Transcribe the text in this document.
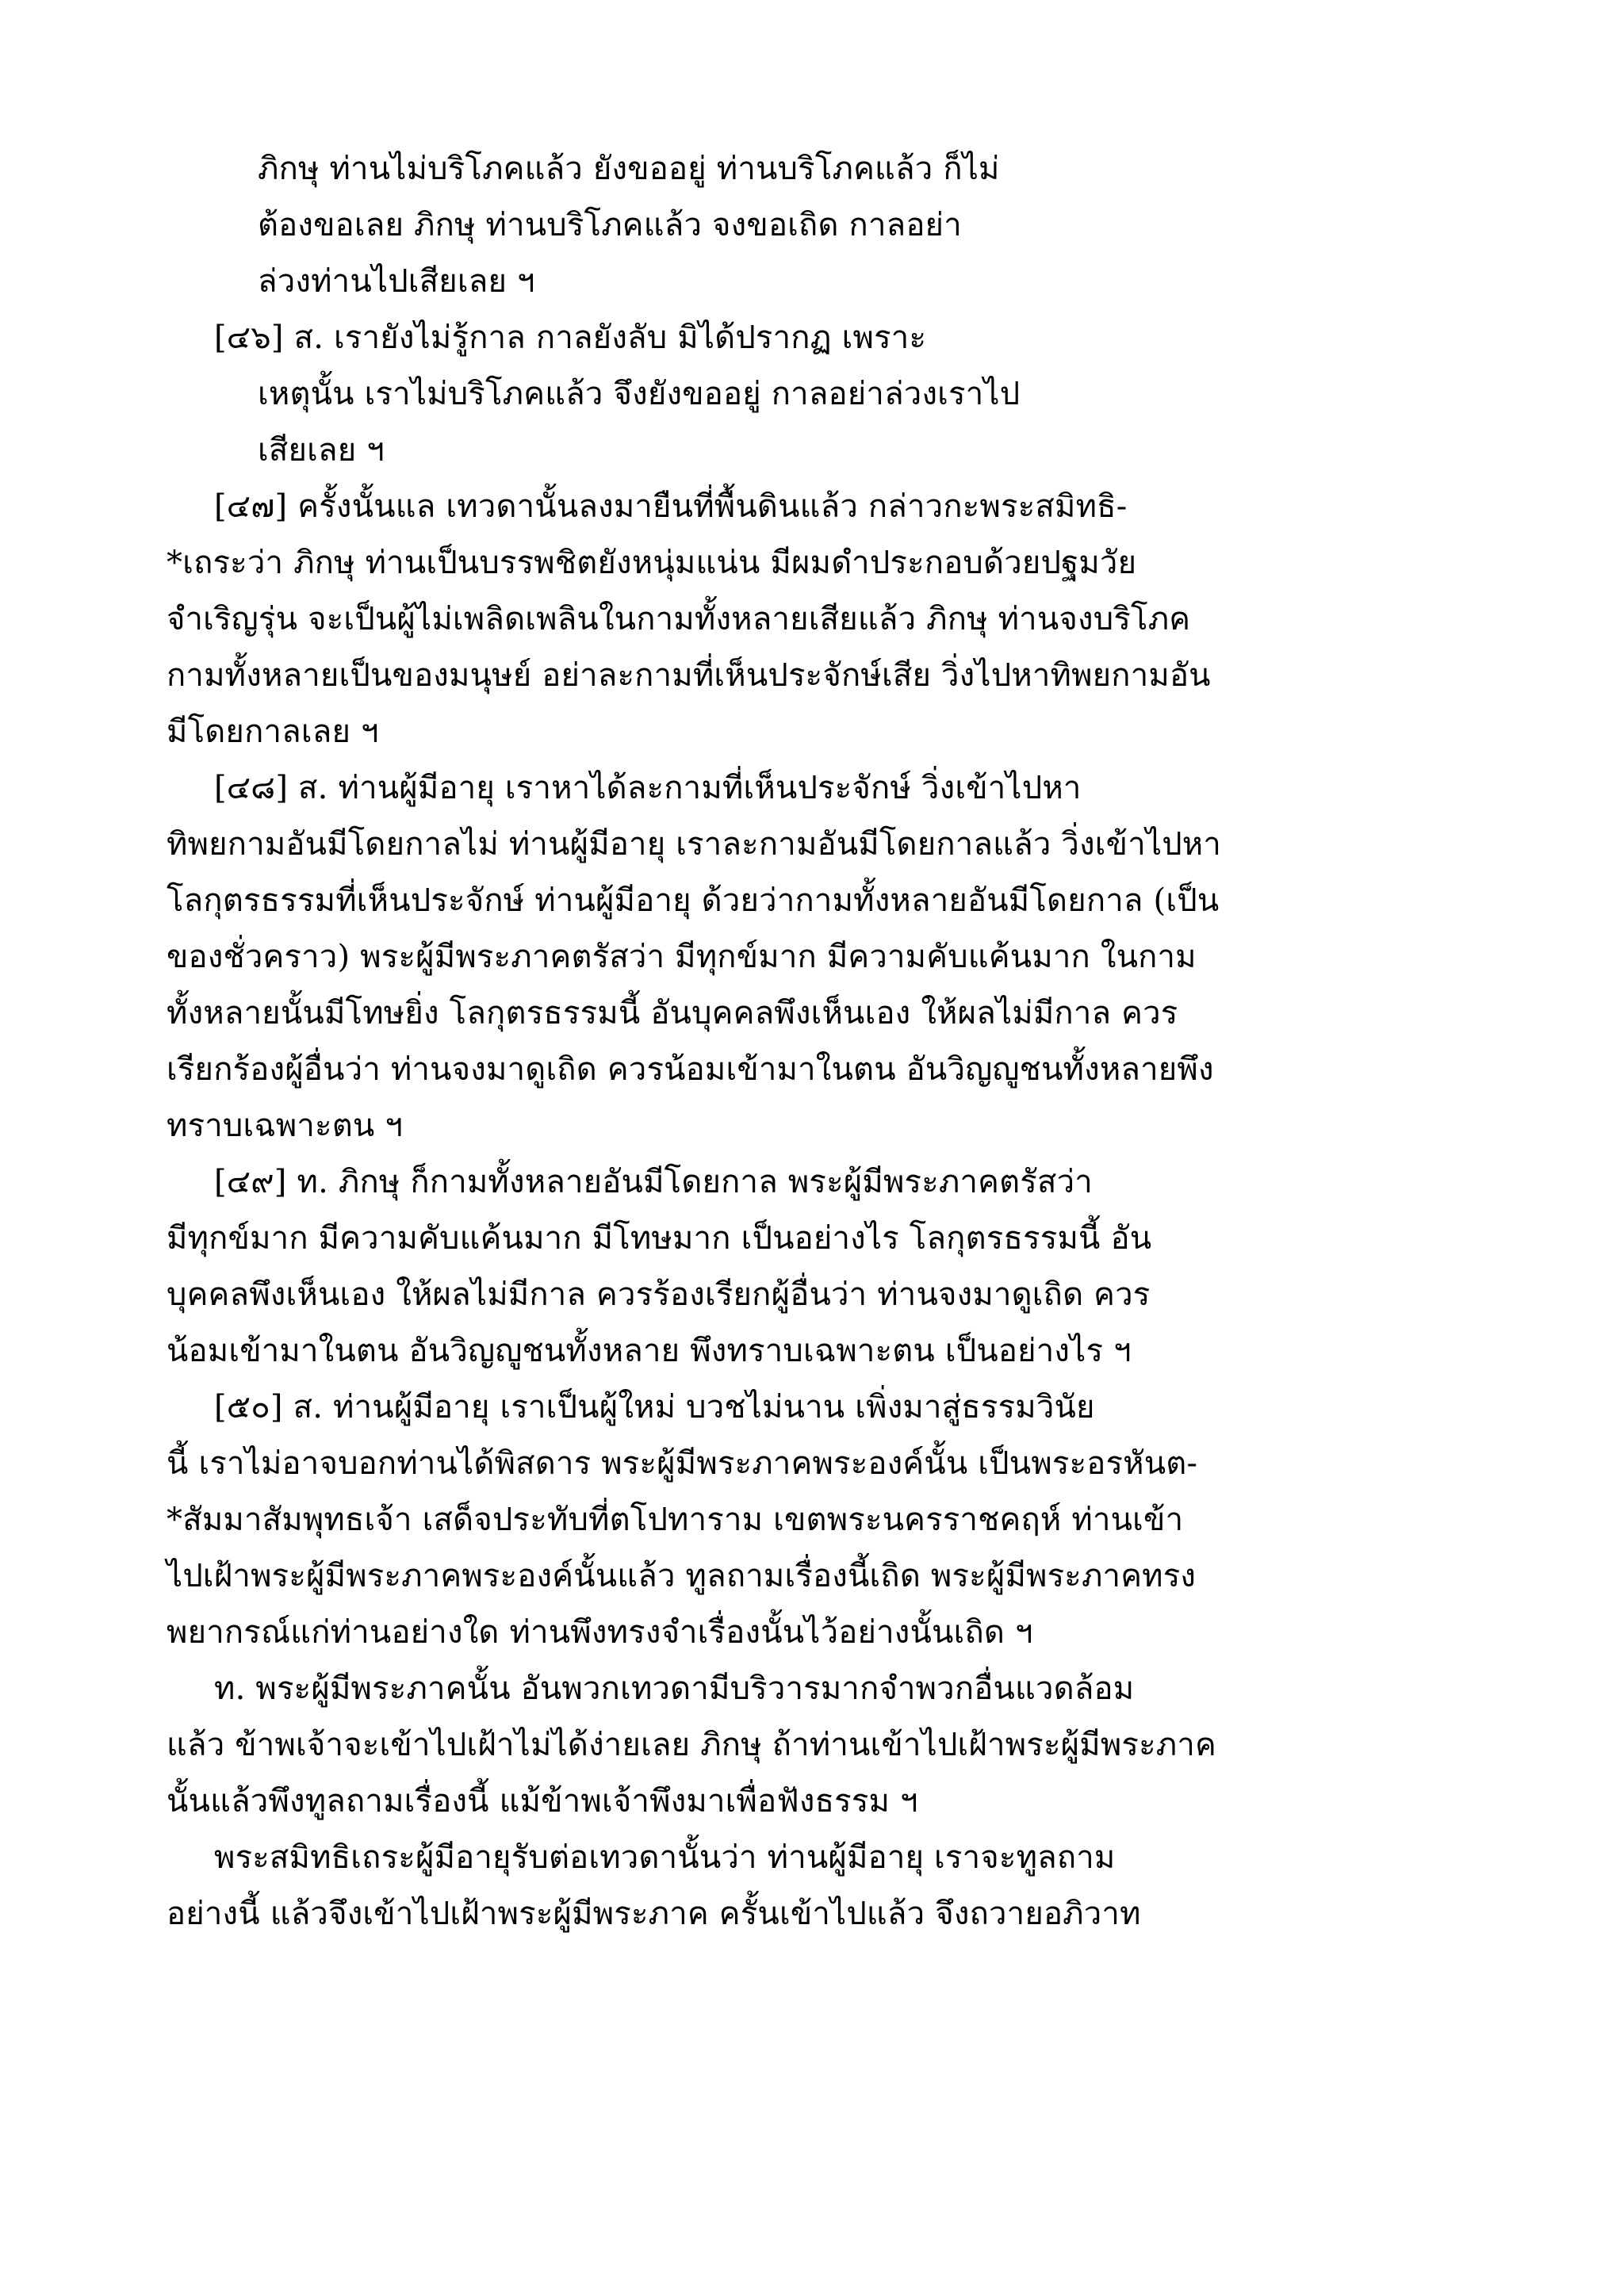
ภิกษุ ท่านไม่บริโภคแล้ว ยังขออยู่ ท่านบริโภคแล้ว ก็ไม่
ต้องขอเลย ภิกษุ ท่านบริโภคแล้ว จงขอเถิด กาลอย่า
ล่วงท่านไปเสียเลย ฯ
[๔๖] ส. เรายังไม่รู้กาล กาลยังลับ มิได้ปรากฏ เพราะ
เหตุนั้น เราไม่บริโภคแล้ว จึงยังขออยู่ กาลอย่าล่วงเราไป
เสียเลย ฯ
[๔๗] ครั้งนั้นแล เทวดานั้นลงมายืนที่พื้นดินแล้ว กล่าวกะพระสมิทธิ-
*เถระว่า ภิกษุ ท่านเป็นบรรพชิตยังหนุ่มแน่น มีผมดำประกอบด้วยปฐมวัย
จำเริญรุ่น จะเป็นผู้ไม่เพลิดเพลินในกามทั้งหลายเสียแล้ว ภิกษุ ท่านจงบริโภค
กามทั้งหลายเป็นของมนุษย์ อย่าละกามที่เห็นประจักษ์เสีย วิ่งไปหาทิพยกามอัน
มีโดยกาลเลย ฯ
[๔๘] ส. ท่านผู้มีอายุ เราหาได้ละกามที่เห็นประจักษ์ วิ่งเข้าไปหา
ทิพยกามอันมีโดยกาลไม่ ท่านผู้มีอายุ เราละกามอันมีโดยกาลแล้ว วิ่งเข้าไปหา
โลกุตรธรรมที่เห็นประจักษ์ ท่านผู้มีอายุ ด้วยว่ากามทั้งหลายอันมีโดยกาล (เป็น
ของชั่วคราว) พระผู้มีพระภาคตรัสว่า มีทุกข์มาก มีความคับแค้นมาก ในกาม
ทั้งหลายนั้นมีโทษยิ่ง โลกุตรธรรมนี้ อันบุคคลพึงเห็นเอง ให้ผลไม่มีกาล ควร
เรียกร้องผู้อื่นว่า ท่านจงมาดูเถิด ควรน้อมเข้ามาในตน อันวิญญูชนทั้งหลายพึง
ทราบเฉพาะตน ฯ
[๔๙] ท. ภิกษุ ก็กามทั้งหลายอันมีโดยกาล พระผู้มีพระภาคตรัสว่า
มีทุกข์มาก มีความคับแค้นมาก มีโทษมาก เป็นอย่างไร โลกุตรธรรมนี้ อัน
บุคคลพึงเห็นเอง ให้ผลไม่มีกาล ควรร้องเรียกผู้อื่นว่า ท่านจงมาดูเถิด ควร
น้อมเข้ามาในตน อันวิญญูชนทั้งหลาย พึงทราบเฉพาะตน เป็นอย่างไร ฯ
[๕๐] ส. ท่านผู้มีอายุ เราเป็นผู้ใหม่ บวชไม่นาน เพิ่งมาสู่ธรรมวินัย
นี้ เราไม่อาจบอกท่านได้พิสดาร พระผู้มีพระภาคพระองค์นั้น เป็นพระอรหันต-
*สัมมาสัมพุทธเจ้า เสด็จประทับที่ตโปทาราม เขตพระนครราชคฤห์ ท่านเข้า
ไปเฝ้าพระผู้มีพระภาคพระองค์นั้นแล้ว ทูลถามเรื่องนี้เถิด พระผู้มีพระภาคทรง
พยากรณ์แก่ท่านอย่างใด ท่านพึงทรงจำเรื่องนั้นไว้อย่างนั้นเถิด ฯ
ท. พระผู้มีพระภาคนั้น อันพวกเทวดามีบริวารมากจำพวกอื่นแวดล้อม
แล้ว ข้าพเจ้าจะเข้าไปเฝ้าไม่ได้ง่ายเลย ภิกษุ ถ้าท่านเข้าไปเฝ้าพระผู้มีพระภาค
นั้นแล้วพึงทูลถามเรื่องนี้ แม้ข้าพเจ้าพึงมาเพื่อฟังธรรม ฯ
พระสมิทธิเถระผู้มีอายุรับต่อเทวดานั้นว่า ท่านผู้มีอายุ เราจะทูลถาม
อย่างนี้ แล้วจึงเข้าไปเฝ้าพระผู้มีพระภาค ครั้นเข้าไปแล้ว จึงถวายอภิวาท
